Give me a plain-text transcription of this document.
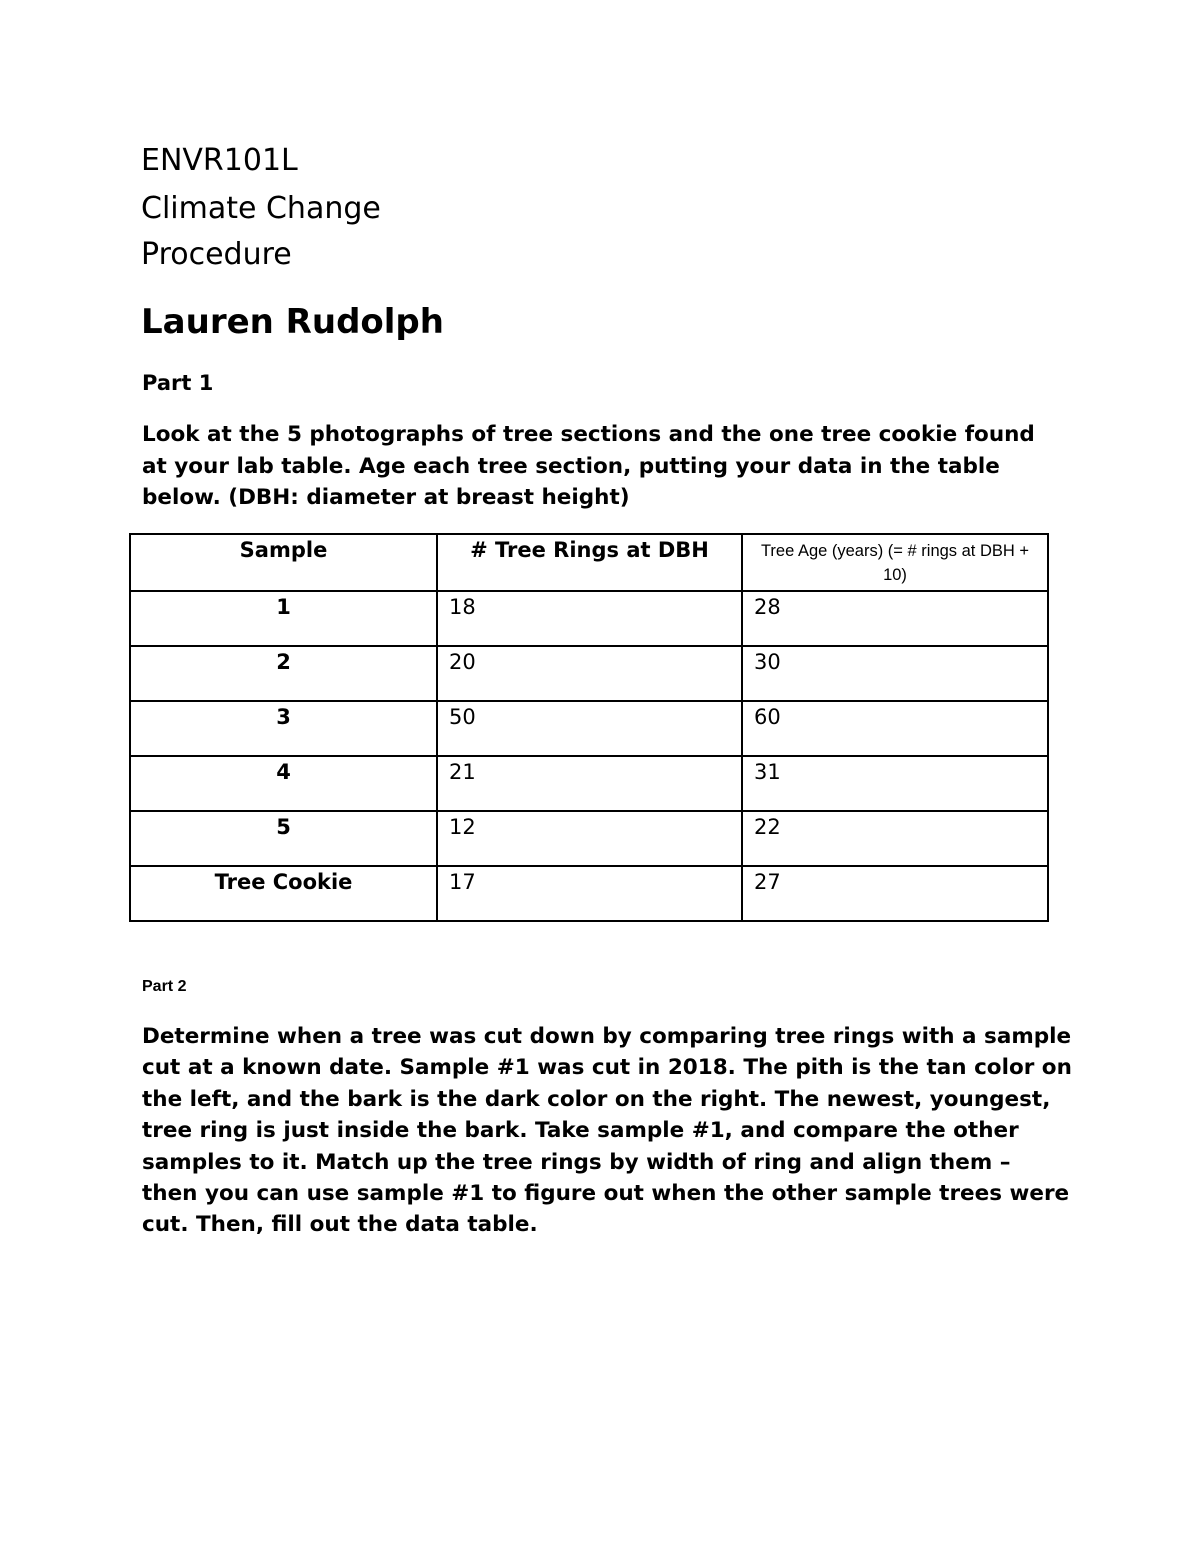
ENVR101L
Climate Change
Procedure
Lauren Rudolph
Part 1
Look at the 5 photographs of tree sections and the one tree cookie found at your lab table. Age each tree section, putting your data in the table below. (DBH: diameter at breast height)
Sample	# Tree Rings at DBH	Tree Age (years) (= # rings at DBH + 10)
1	18	28
2	20	30
3	50	60
4	21	31
5	12	22
Tree Cookie	17	27
Part 2
Determine when a tree was cut down by comparing tree rings with a sample cut at a known date. Sample #1 was cut in 2018. The pith is the tan color on the left, and the bark is the dark color on the right. The newest, youngest, tree ring is just inside the bark. Take sample #1, and compare the other samples to it. Match up the tree rings by width of ring and align them – then you can use sample #1 to figure out when the other sample trees were cut. Then, fill out the data table.
